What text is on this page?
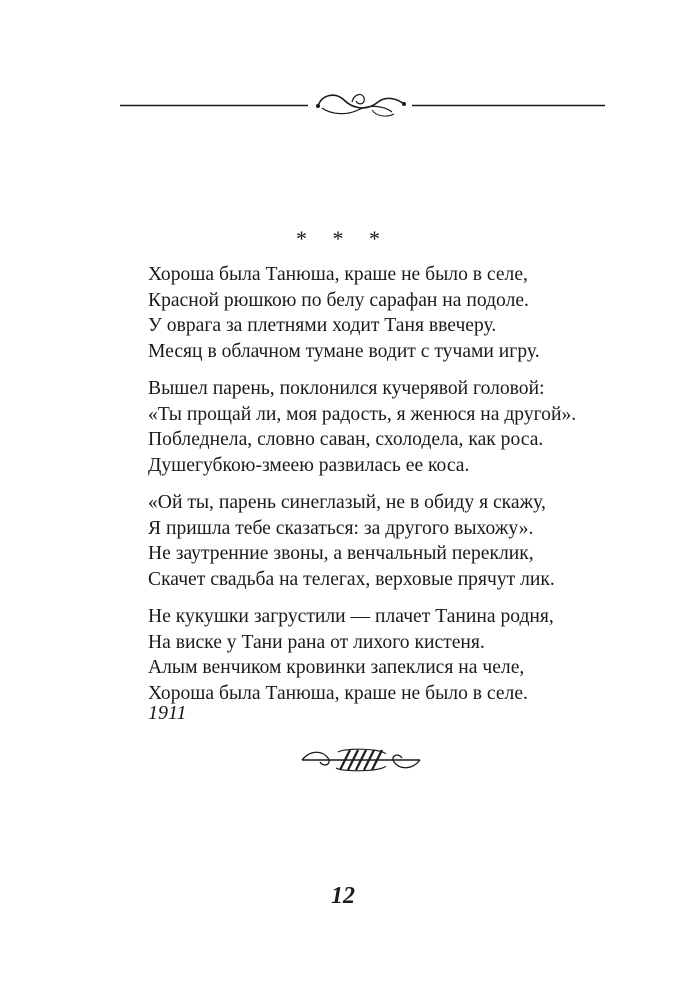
* * *
Хороша была Танюша, краше не было в селе,
Красной рюшкою по белу сарафан на подоле.
У оврага за плетнями ходит Таня ввечеру.
Месяц в облачном тумане водит с тучами игру.
Вышел парень, поклонился кучерявой головой:
«Ты прощай ли, моя радость, я женюся на другой».
Побледнела, словно саван, схолодела, как роса.
Душегубкою-змеею развилась ее коса.
«Ой ты, парень синеглазый, не в обиду я скажу,
Я пришла тебе сказаться: за другого выхожу».
Не заутренние звоны, а венчальный переклик,
Скачет свадьба на телегах, верховые прячут лик.
Не кукушки загрустили — плачет Танина родня,
На виске у Тани рана от лихого кистеня.
Алым венчиком кровинки запеклися на челе,
Хороша была Танюша, краше не было в селе.
1911
12
